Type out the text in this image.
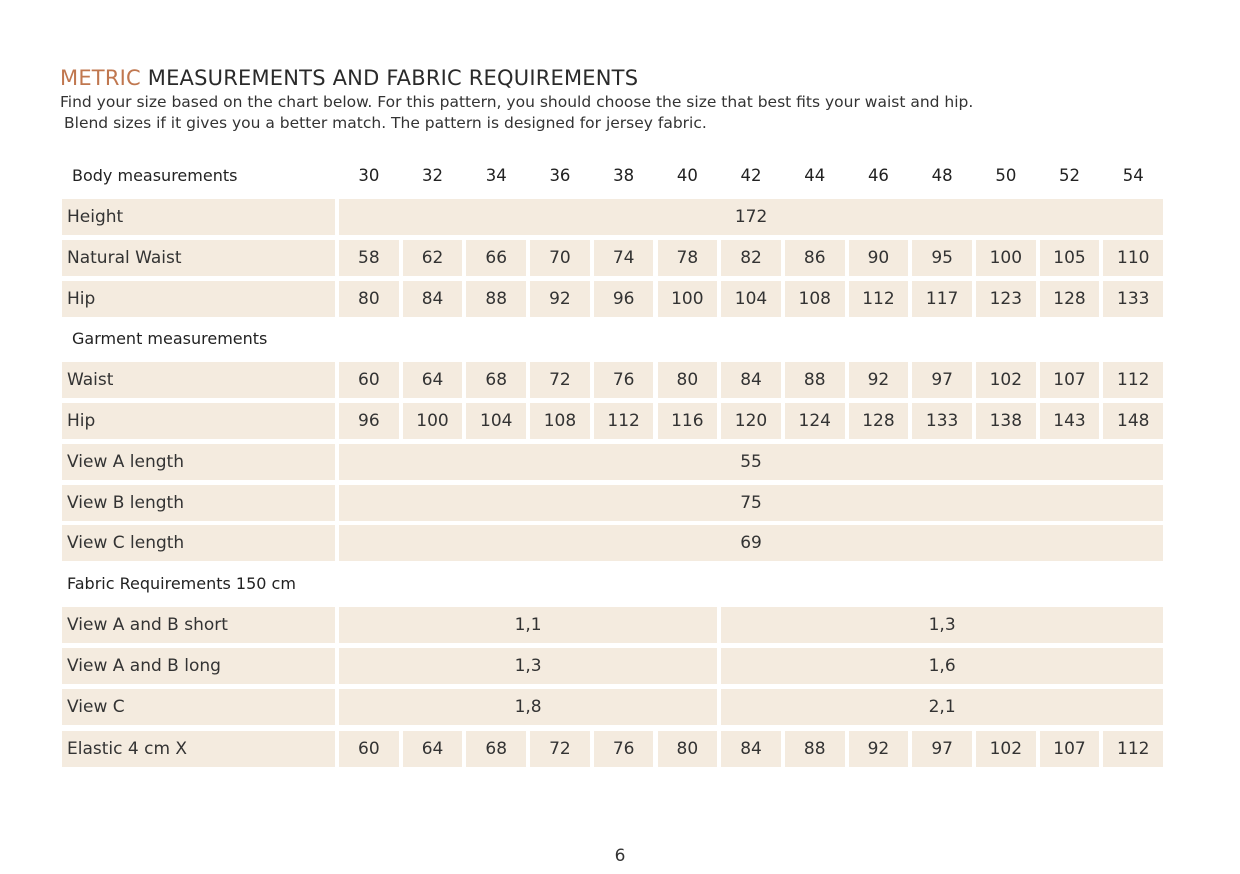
METRIC MEASUREMENTS AND FABRIC REQUIREMENTS
Find your size based on the chart below. For this pattern, you should choose the size that best fits your waist and hip.
Blend sizes if it gives you a better match. The pattern is designed for jersey fabric.
Body measurements	30	32	34	36	38	40	42	44	46	48	50	52	54
Height	172
Natural Waist	58	62	66	70	74	78	82	86	90	95	100	105	110
Hip	80	84	88	92	96	100	104	108	112	117	123	128	133
Garment measurements
Waist	60	64	68	72	76	80	84	88	92	97	102	107	112
Hip	96	100	104	108	112	116	120	124	128	133	138	143	148
View A length	55
View B length	75
View C length	69
Fabric Requirements 150 cm
View A and B short	1,1	1,3
View A and B long	1,3	1,6
View C	1,8	2,1
Elastic 4 cm X	60	64	68	72	76	80	84	88	92	97	102	107	112
6
